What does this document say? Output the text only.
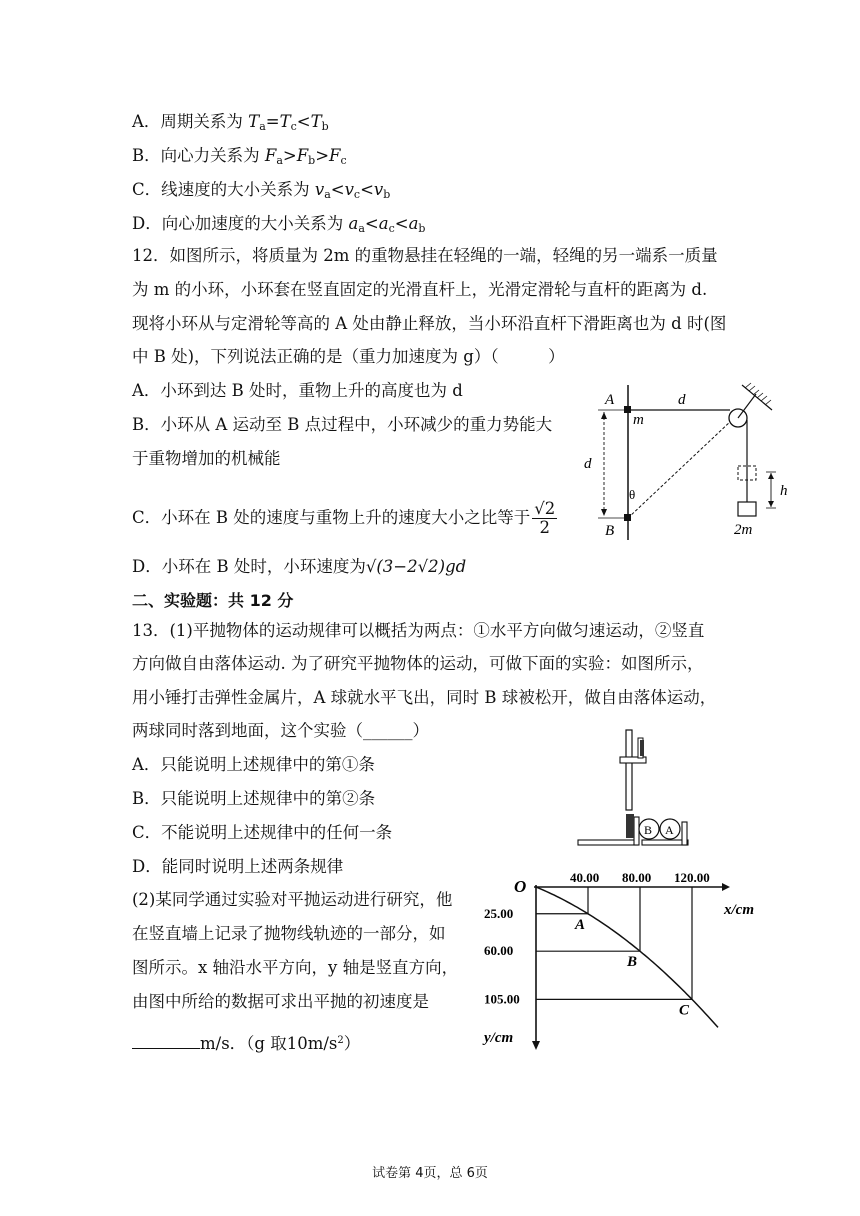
A．周期关系为 $T_a=T_c<T_b$
B．向心力关系为 $F_a>F_b>F_c$
C．线速度的大小关系为 $v_a<v_c<v_b$
D．向心加速度的大小关系为 $a_a<a_c<a_b$
12．如图所示，将质量为 2m 的重物悬挂在轻绳的一端，轻绳的另一端系一质量
为 m 的小环，小环套在竖直固定的光滑直杆上，光滑定滑轮与直杆的距离为 d.
现将小环从与定滑轮等高的 A 处由静止释放，当小环沿直杆下滑距离也为 d 时(图
中 B 处)，下列说法正确的是（重力加速度为 g）（　　　）
A．小环到达 B 处时，重物上升的高度也为 d
B．小环从 A 运动至 B 点过程中，小环减少的重力势能大
于重物增加的机械能
C．小环在 B 处的速度与重物上升的速度大小之比等于 $\frac{√2}{2}$
D．小环在 B 处时，小环速度为√(3−2√2)gd
A
m
d
d
θ
B
h
2m
二、实验题：共 12 分
13．(1)平抛物体的运动规律可以概括为两点：①水平方向做匀速运动，②竖直
方向做自由落体运动. 为了研究平抛物体的运动，可做下面的实验：如图所示，
用小锤打击弹性金属片，A 球就水平飞出，同时 B 球被松开，做自由落体运动，
两球同时落到地面，这个实验（______）
A．只能说明上述规律中的第①条
B．只能说明上述规律中的第②条
C．不能说明上述规律中的任何一条
D．能同时说明上述两条规律
B A
(2)某同学通过实验对平抛运动进行研究，他
在竖直墙上记录了抛物线轨迹的一部分，如
图所示。x 轴沿水平方向，y 轴是竖直方向，
由图中所给的数据可求出平抛的初速度是
m/s．（g 取$10m/s^2$）
O
x/cm
y/cm
A
40.00
25.00
B
80.00
60.00
C
120.00
105.00
试卷第 4页，总 6页
